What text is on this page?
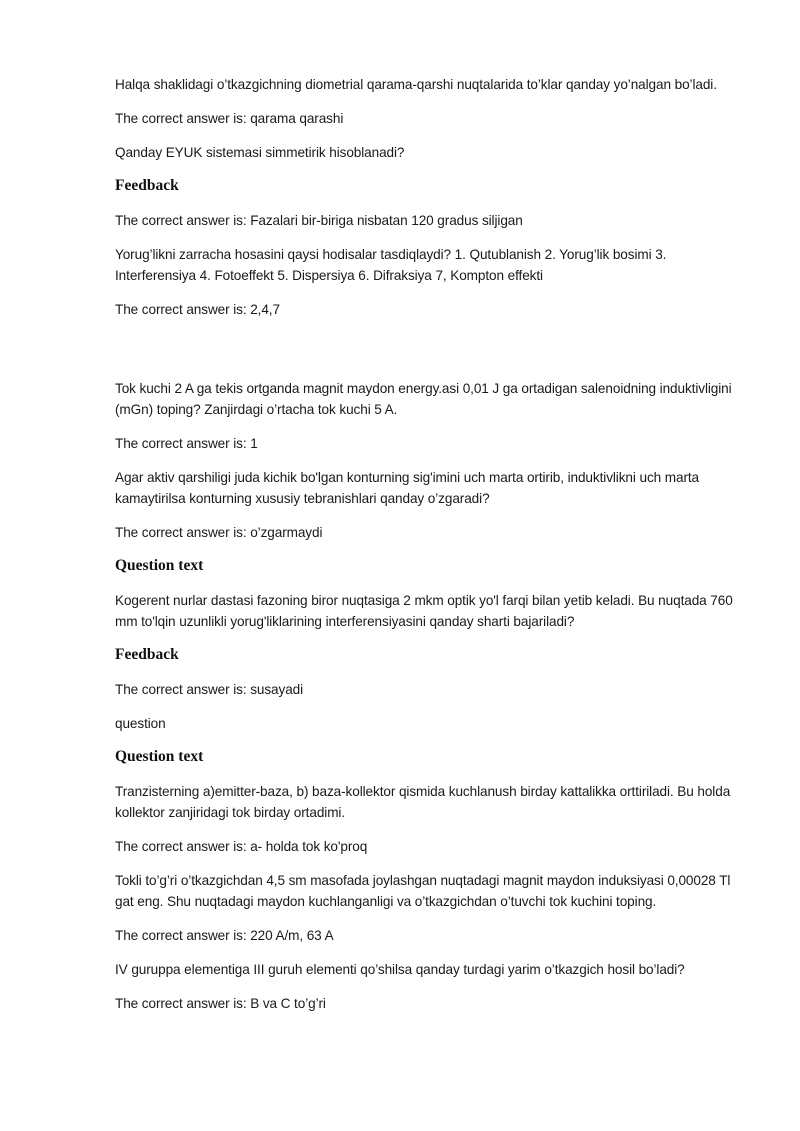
Halqa shaklidagi o’tkazgichning diometrial qarama-qarshi nuqtalarida to’klar qanday yo’nalgan bo’ladi.

The correct answer is: qarama qarashi

Qanday EYUK sistemasi simmetirik hisoblanadi?

Feedback

The correct answer is: Fazalari bir-biriga nisbatan 120 gradus siljigan

Yorug’likni zarracha hosasini qaysi hodisalar tasdiqlaydi? 1. Qutublanish 2. Yorug’lik bosimi 3. Interferensiya 4. Fotoeffekt 5. Dispersiya 6. Difraksiya 7, Kompton effekti

The correct answer is: 2,4,7

Tok kuchi 2 A ga tekis ortganda magnit maydon energy.asi 0,01 J ga ortadigan salenoidning induktivligini (mGn) toping? Zanjirdagi o’rtacha tok kuchi 5 A.

The correct answer is: 1

Agar aktiv qarshiligi juda kichik bo'lgan konturning sig'imini uch marta ortirib, induktivlikni uch marta kamaytirilsa konturning xususiy tebranishlari qanday o’zgaradi?

The correct answer is: o’zgarmaydi

Question text

Kogerent nurlar dastasi fazoning biror nuqtasiga 2 mkm optik yo'l farqi bilan yetib keladi. Bu nuqtada 760 mm to'lqin uzunlikli yorug'liklarining interferensiyasini qanday sharti bajariladi?

Feedback

The correct answer is: susayadi

question

Question text

Tranzisterning a)emitter-baza, b) baza-kollektor qismida kuchlanush birday kattalikka orttiriladi. Bu holda kollektor zanjiridagi tok birday ortadimi.

The correct answer is: a- holda tok ko'proq

Tokli to’g’ri o’tkazgichdan 4,5 sm masofada joylashgan nuqtadagi magnit maydon induksiyasi 0,00028 Tl gat eng. Shu nuqtadagi maydon kuchlanganligi va o’tkazgichdan o’tuvchi tok kuchini toping.

The correct answer is: 220 A/m, 63 A

IV guruppa elementiga III guruh elementi qo’shilsa qanday turdagi yarim o’tkazgich hosil bo’ladi?

The correct answer is: B va C to’g’ri
